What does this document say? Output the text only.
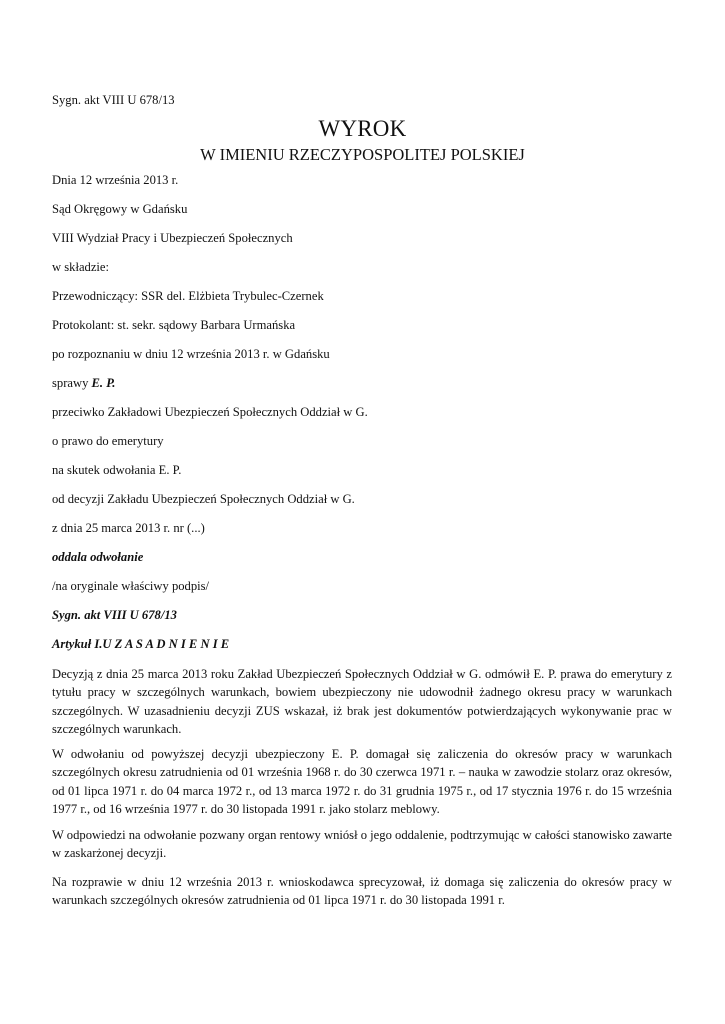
Sygn. akt VIII U 678/13
WYROK
W IMIENIU RZECZYPOSPOLITEJ POLSKIEJ
Dnia 12 września 2013 r.
Sąd Okręgowy w Gdańsku
VIII Wydział Pracy i Ubezpieczeń Społecznych
w składzie:
Przewodniczący: SSR del. Elżbieta Trybulec-Czernek
Protokolant: st. sekr. sądowy Barbara Urmańska
po rozpoznaniu w dniu 12 września 2013 r. w Gdańsku
sprawy E. P.
przeciwko Zakładowi Ubezpieczeń Społecznych Oddział w G.
o prawo do emerytury
na skutek odwołania E. P.
od decyzji Zakładu Ubezpieczeń Społecznych Oddział w G.
z dnia 25 marca 2013 r. nr (...)
oddala odwołanie
/na oryginale właściwy podpis/
Sygn. akt VIII U 678/13
Artykuł I.U Z A S A D N I E N I E
Decyzją z dnia 25 marca 2013 roku Zakład Ubezpieczeń Społecznych Oddział w G. odmówił E. P. prawa do emerytury z tytułu pracy w szczególnych warunkach, bowiem ubezpieczony nie udowodnił żadnego okresu pracy w warunkach szczególnych. W uzasadnieniu decyzji ZUS wskazał, iż brak jest dokumentów potwierdzających wykonywanie prac w szczególnych warunkach.
W odwołaniu od powyższej decyzji ubezpieczony E. P. domagał się zaliczenia do okresów pracy w warunkach szczególnych okresu zatrudnienia od 01 września 1968 r. do 30 czerwca 1971 r. – nauka w zawodzie stolarz oraz okresów, od 01 lipca 1971 r. do 04 marca 1972 r., od 13 marca 1972 r. do 31 grudnia 1975 r., od 17 stycznia 1976 r. do 15 września 1977 r., od 16 września 1977 r. do 30 listopada 1991 r. jako stolarz meblowy.
W odpowiedzi na odwołanie pozwany organ rentowy wniósł o jego oddalenie, podtrzymując w całości stanowisko zawarte w zaskarżonej decyzji.
Na rozprawie w dniu 12 września 2013 r. wnioskodawca sprecyzował, iż domaga się zaliczenia do okresów pracy w warunkach szczególnych okresów zatrudnienia od 01 lipca 1971 r. do 30 listopada 1991 r.
